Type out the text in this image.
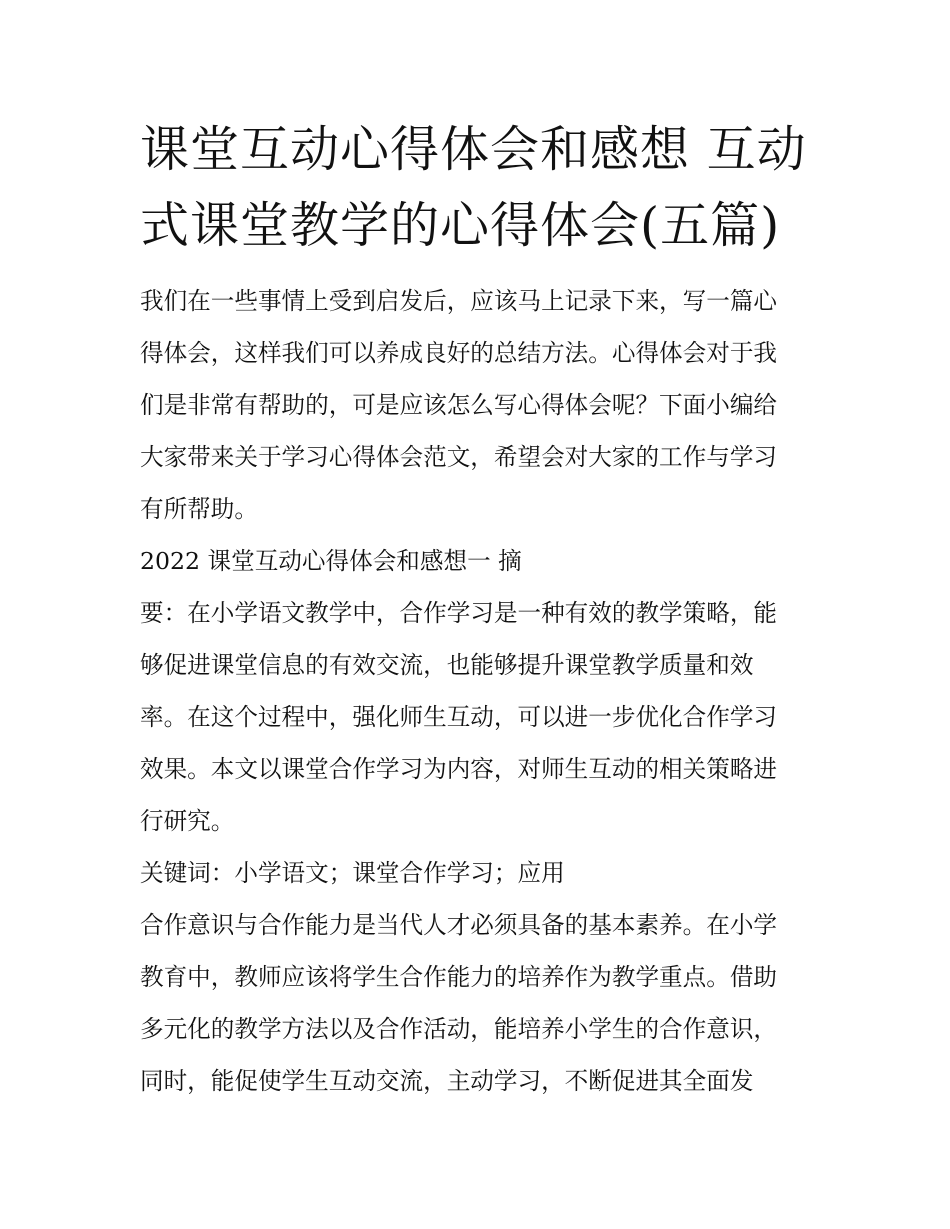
课堂互动心得体会和感想 互动
式课堂教学的心得体会(五篇)
我们在一些事情上受到启发后，应该马上记录下来，写一篇心
得体会，这样我们可以养成良好的总结方法。心得体会对于我
们是非常有帮助的，可是应该怎么写心得体会呢？下面小编给
大家带来关于学习心得体会范文，希望会对大家的工作与学习
有所帮助。
2022 课堂互动心得体会和感想一 摘
要：在小学语文教学中，合作学习是一种有效的教学策略，能
够促进课堂信息的有效交流，也能够提升课堂教学质量和效
率。在这个过程中，强化师生互动，可以进一步优化合作学习
效果。本文以课堂合作学习为内容，对师生互动的相关策略进
行研究。
关键词：小学语文；课堂合作学习；应用
合作意识与合作能力是当代人才必须具备的基本素养。在小学
教育中，教师应该将学生合作能力的培养作为教学重点。借助
多元化的教学方法以及合作活动，能培养小学生的合作意识，
同时，能促使学生互动交流，主动学习，不断促进其全面发
